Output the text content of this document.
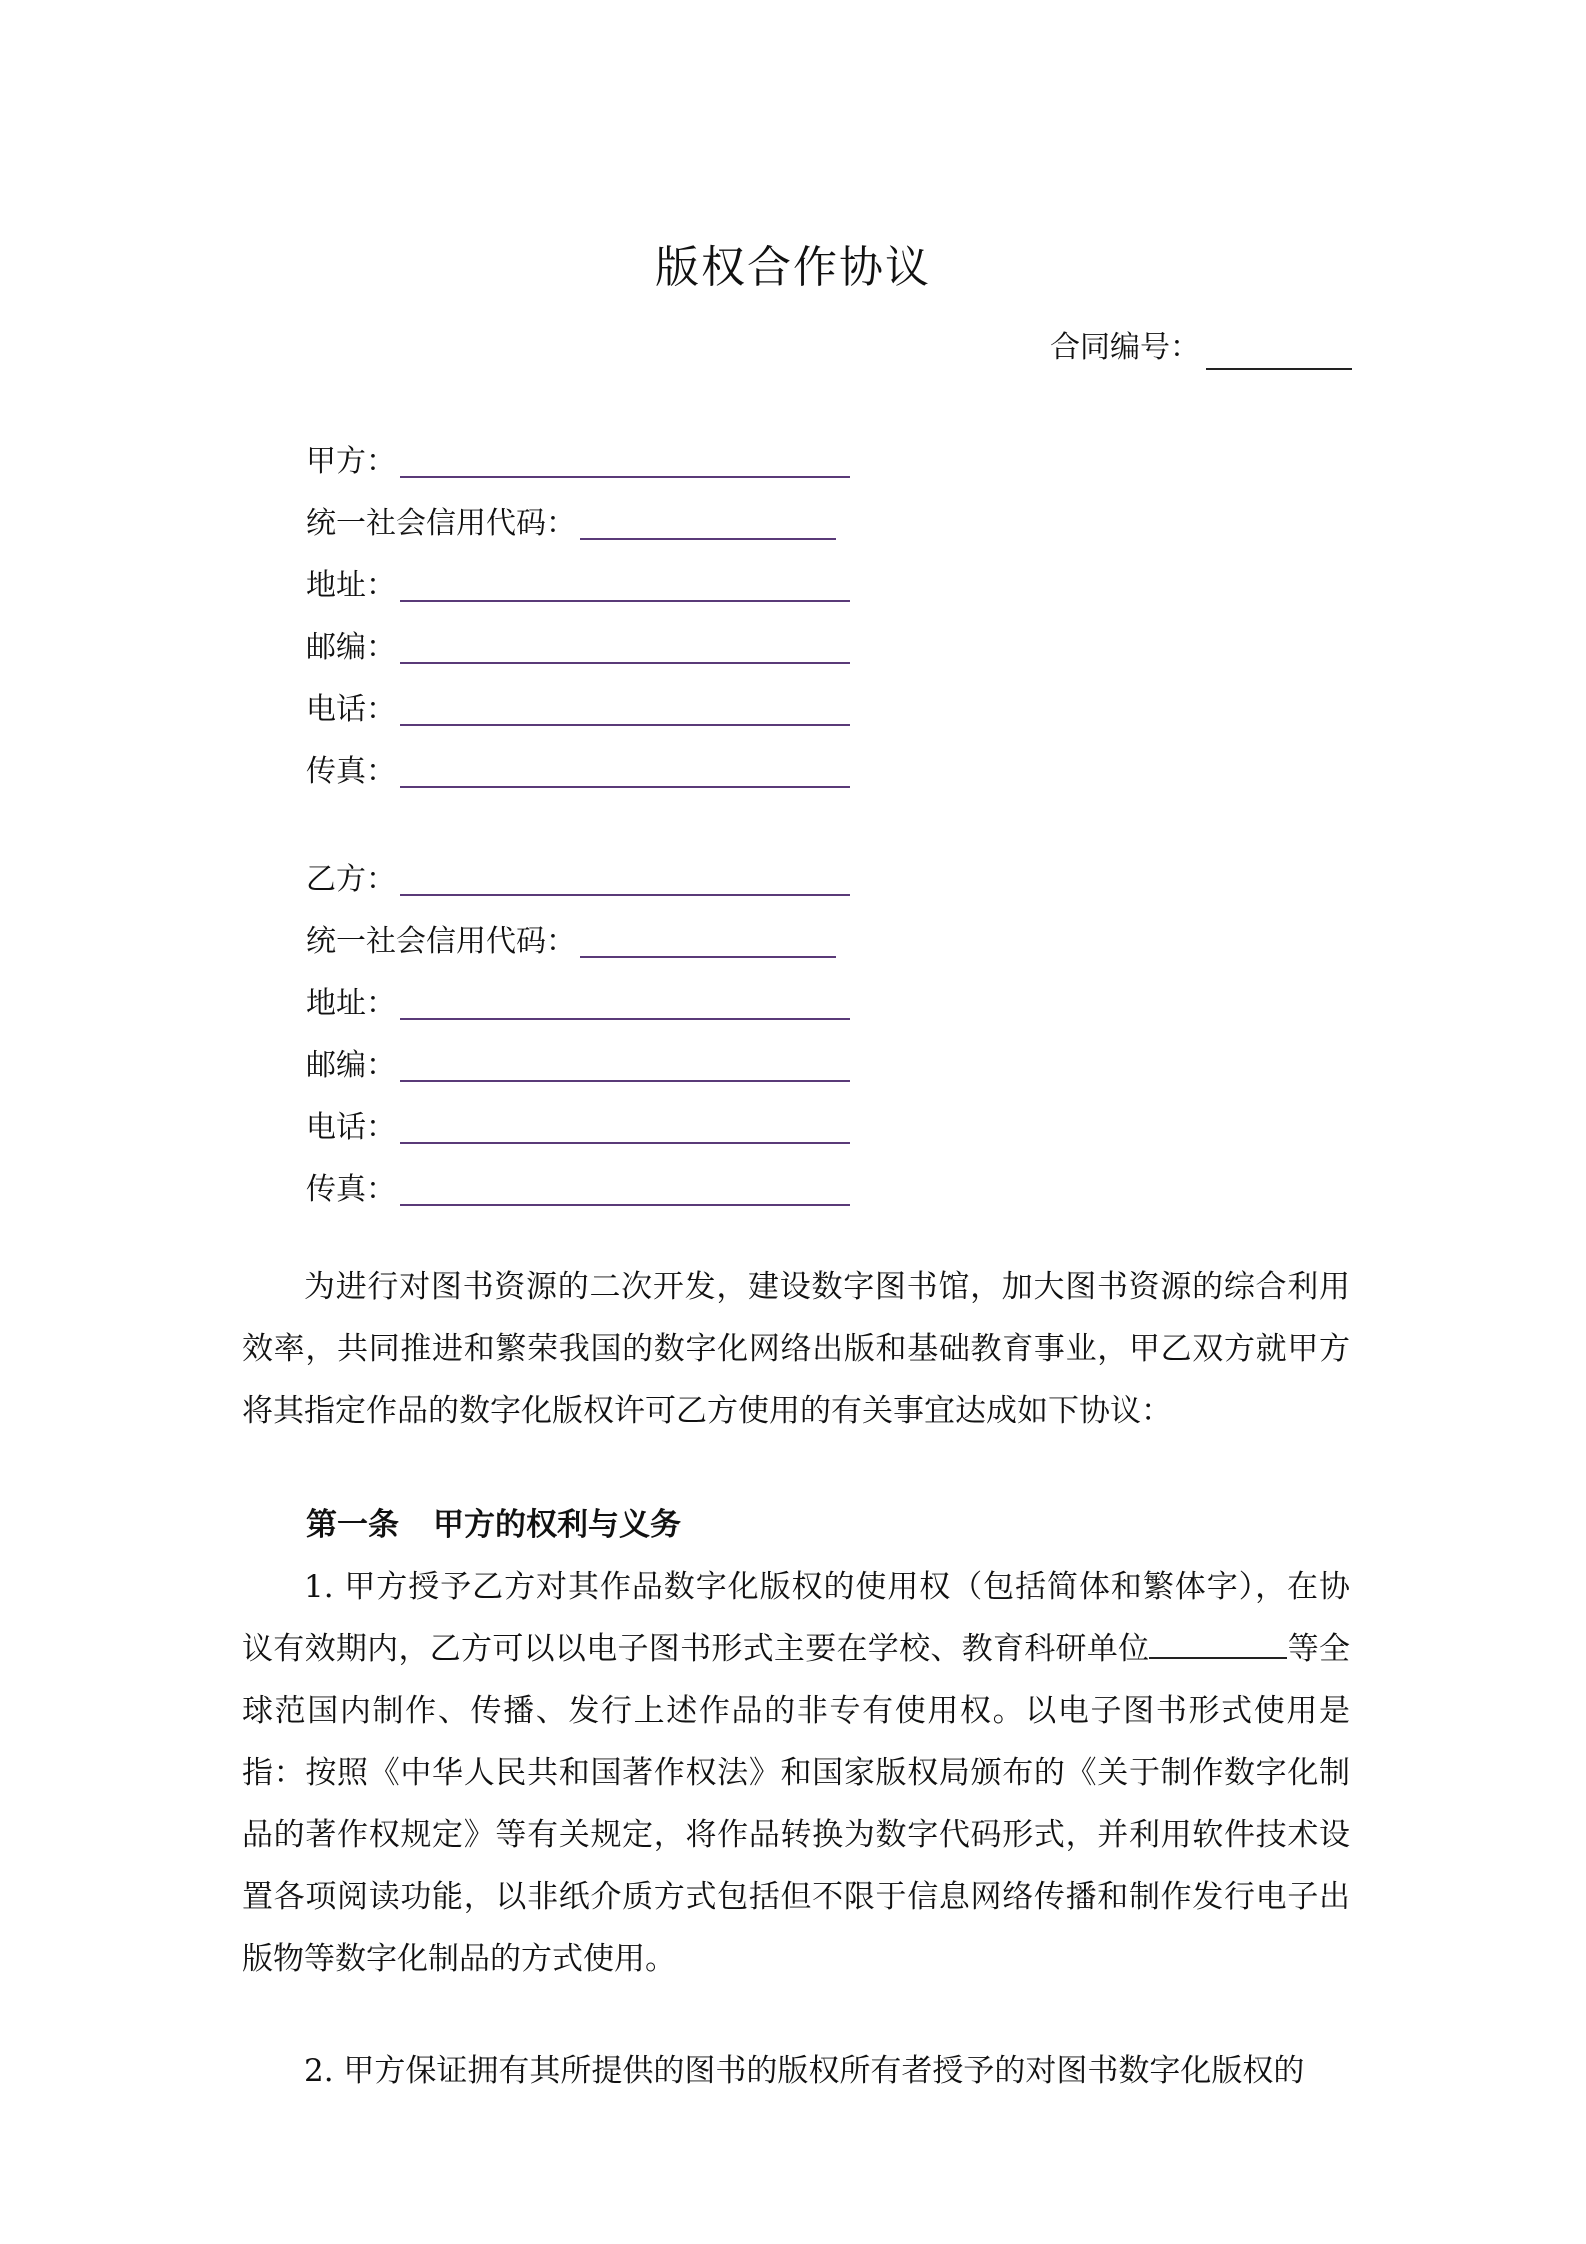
版权合作协议
合同编号：
甲方：
统一社会信用代码：
地址：
邮编：
电话：
传真：
乙方：
统一社会信用代码：
地址：
邮编：
电话：
传真：

为进行对图书资源的二次开发，建设数字图书馆，加大图书资源的综合利用效率，共同推进和繁荣我国的数字化网络出版和基础教育事业，甲乙双方就甲方将其指定作品的数字化版权许可乙方使用的有关事宜达成如下协议：

第一条 甲方的权利与义务

1. 甲方授予乙方对其作品数字化版权的使用权（包括简体和繁体字），在协议有效期内，乙方可以以电子图书形式主要在学校、教育科研单位	等全球范国内制作、传播、发行上述作品的非专有使用权。以电子图书形式使用是指：按照《中华人民共和国著作权法》和国家版权局颁布的《关于制作数字化制品的著作权规定》等有关规定，将作品转换为数字代码形式，并利用软件技术设置各项阅读功能，以非纸介质方式包括但不限于信息网络传播和制作发行电子出版物等数字化制品的方式使用。

2. 甲方保证拥有其所提供的图书的版权所有者授予的对图书数字化版权的
